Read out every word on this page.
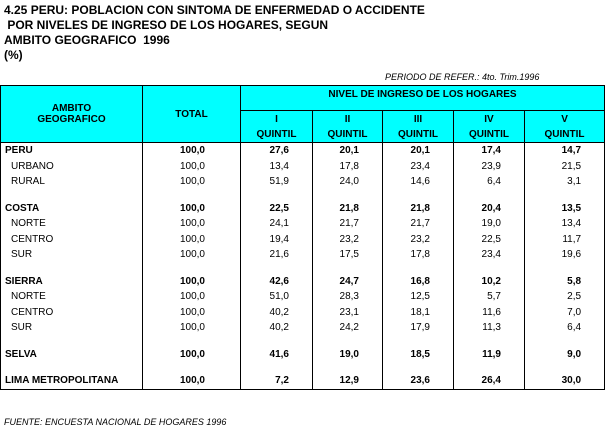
4.25 PERU: POBLACION CON SINTOMA DE ENFERMEDAD O ACCIDENTE
POR NIVELES DE INGRESO DE LOS HOGARES, SEGUN
AMBITO GEOGRAFICO  1996
(%)
PERIODO DE REFER.: 4to. Trim.1996
AMBITO
GEOGRAFICO	TOTAL	NIVEL DE INGRESO DE LOS HOGARES				
		I	II	III	IV	V
		QUINTIL	QUINTIL	QUINTIL	QUINTIL	QUINTIL
PERU	100,0	27,6	20,1	20,1	17,4	14,7
URBANO	100,0	13,4	17,8	23,4	23,9	21,5
RURAL	100,0	51,9	24,0	14,6	6,4	3,1

COSTA	100,0	22,5	21,8	21,8	20,4	13,5
NORTE	100,0	24,1	21,7	21,7	19,0	13,4
CENTRO	100,0	19,4	23,2	23,2	22,5	11,7
SUR	100,0	21,6	17,5	17,8	23,4	19,6

SIERRA	100,0	42,6	24,7	16,8	10,2	5,8
NORTE	100,0	51,0	28,3	12,5	5,7	2,5
CENTRO	100,0	40,2	23,1	18,1	11,6	7,0
SUR	100,0	40,2	24,2	17,9	11,3	6,4

SELVA	100,0	41,6	19,0	18,5	11,9	9,0

LIMA METROPOLITANA	100,0	7,2	12,9	23,6	26,4	30,0
FUENTE: ENCUESTA NACIONAL DE HOGARES 1996
